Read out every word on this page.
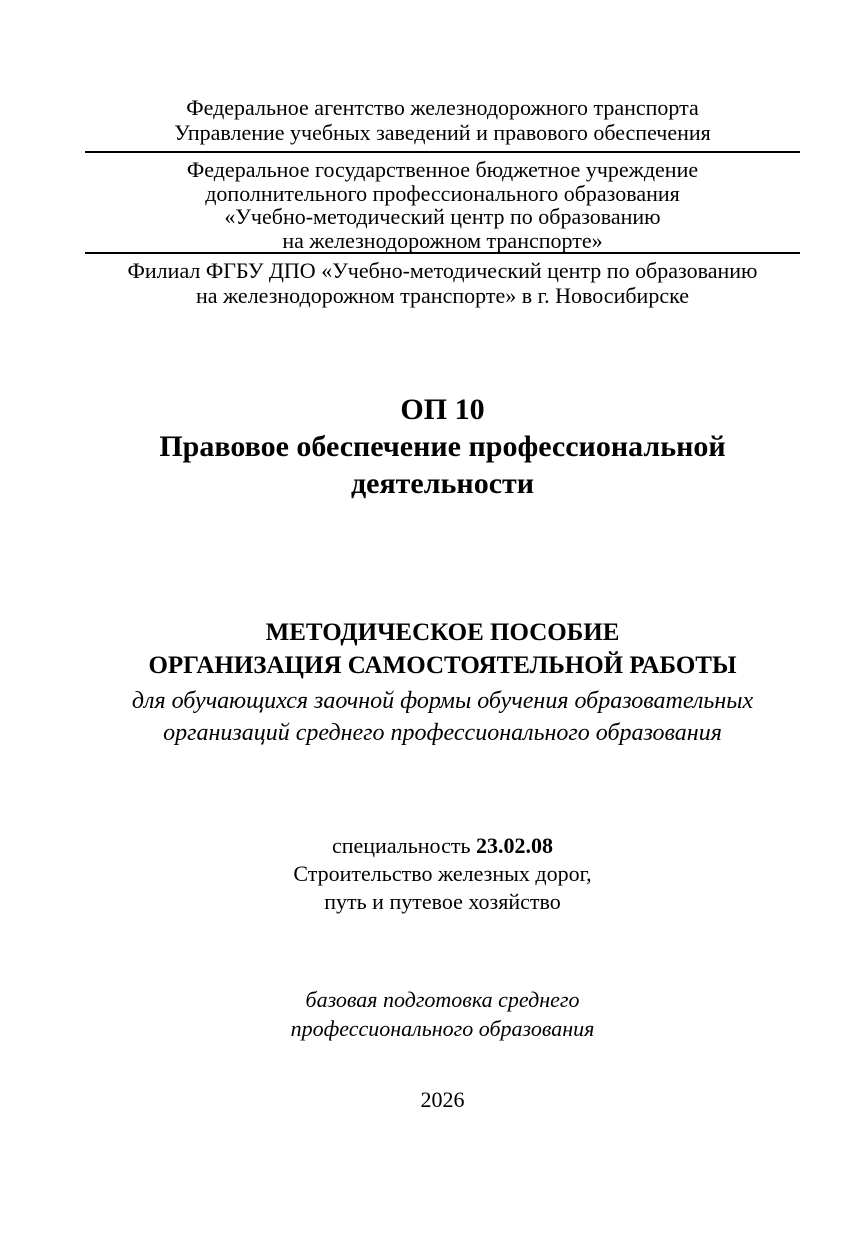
Федеральное агентство железнодорожного транспорта
Управление учебных заведений и правового обеспечения
Федеральное государственное бюджетное учреждение
дополнительного профессионального образования
«Учебно-методический центр по образованию
на железнодорожном транспорте»
Филиал ФГБУ ДПО «Учебно-методический центр по образованию
на железнодорожном транспорте» в г. Новосибирске
ОП 10
Правовое обеспечение профессиональной
деятельности
МЕТОДИЧЕСКОЕ ПОСОБИЕ
ОРГАНИЗАЦИЯ САМОСТОЯТЕЛЬНОЙ РАБОТЫ
для обучающихся заочной формы обучения образовательных
организаций среднего профессионального образования
специальность 23.02.08
Строительство железных дорог,
путь и путевое хозяйство
базовая подготовка среднего
профессионального образования
2026
